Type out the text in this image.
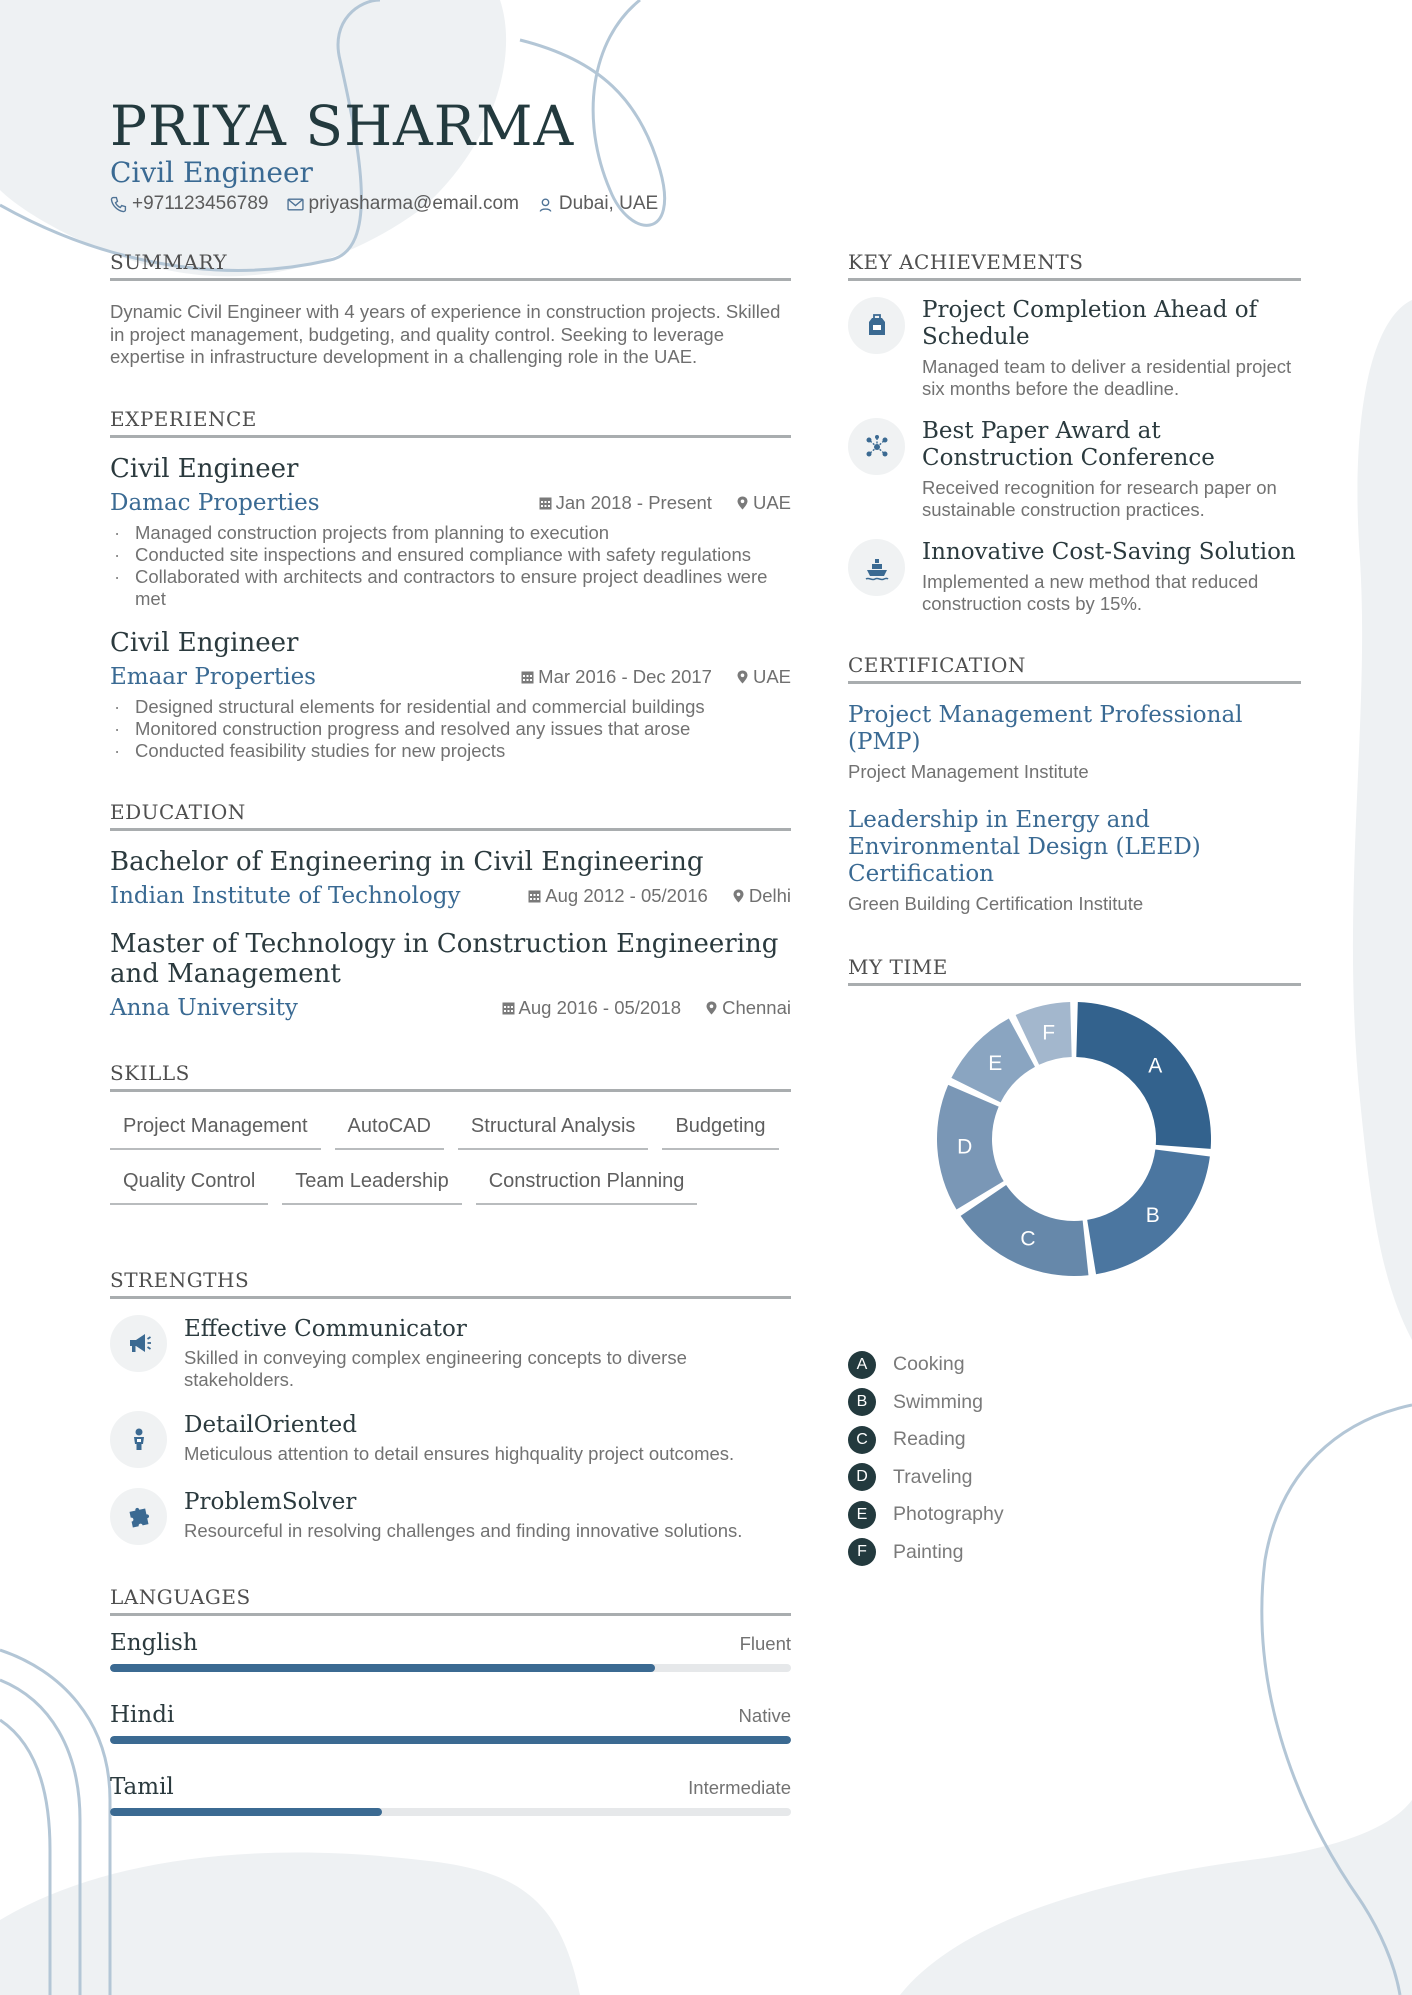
PRIYA SHARMA
Civil Engineer
+971123456789 priyasharma@email.com Dubai, UAE
SUMMARY

Dynamic Civil Engineer with 4 years of experience in construction projects. Skilled in project management, budgeting, and quality control. Seeking to leverage expertise in infrastructure development in a challenging role in the UAE.

EXPERIENCE
Civil Engineer
Damac Properties	Jan 2018 - Present UAE
· Managed construction projects from planning to execution
· Conducted site inspections and ensured compliance with safety regulations
· Collaborated with architects and contractors to ensure project deadlines were met
Civil Engineer
Emaar Properties	Mar 2016 - Dec 2017 UAE
· Designed structural elements for residential and commercial buildings
· Monitored construction progress and resolved any issues that arose
· Conducted feasibility studies for new projects
EDUCATION
Bachelor of Engineering in Civil Engineering
Indian Institute of Technology	Aug 2012 - 05/2016 Delhi
Master of Technology in Construction Engineering and Management
Anna University	Aug 2016 - 05/2018 Chennai
SKILLS
Project Management	AutoCAD	Structural Analysis	Budgeting
Quality Control	Team Leadership	Construction Planning
STRENGTHS
Effective Communicator
Skilled in conveying complex engineering concepts to diverse stakeholders.
DetailOriented
Meticulous attention to detail ensures highquality project outcomes.
ProblemSolver
Resourceful in resolving challenges and finding innovative solutions.
LANGUAGES
English	Fluent
Hindi	Native
Tamil	Intermediate
KEY ACHIEVEMENTS
Project Completion Ahead of Schedule
Managed team to deliver a residential project six months before the deadline.
Best Paper Award at Construction Conference
Received recognition for research paper on sustainable construction practices.
Innovative Cost-Saving Solution
Implemented a new method that reduced construction costs by 15%.
CERTIFICATION
Project Management Professional (PMP)
Project Management Institute
Leadership in Energy and Environmental Design (LEED) Certification
Green Building Certification Institute
MY TIME
A
B
C
D
E
F
A	Cooking
B	Swimming
C	Reading
D	Traveling
E	Photography
F	Painting
